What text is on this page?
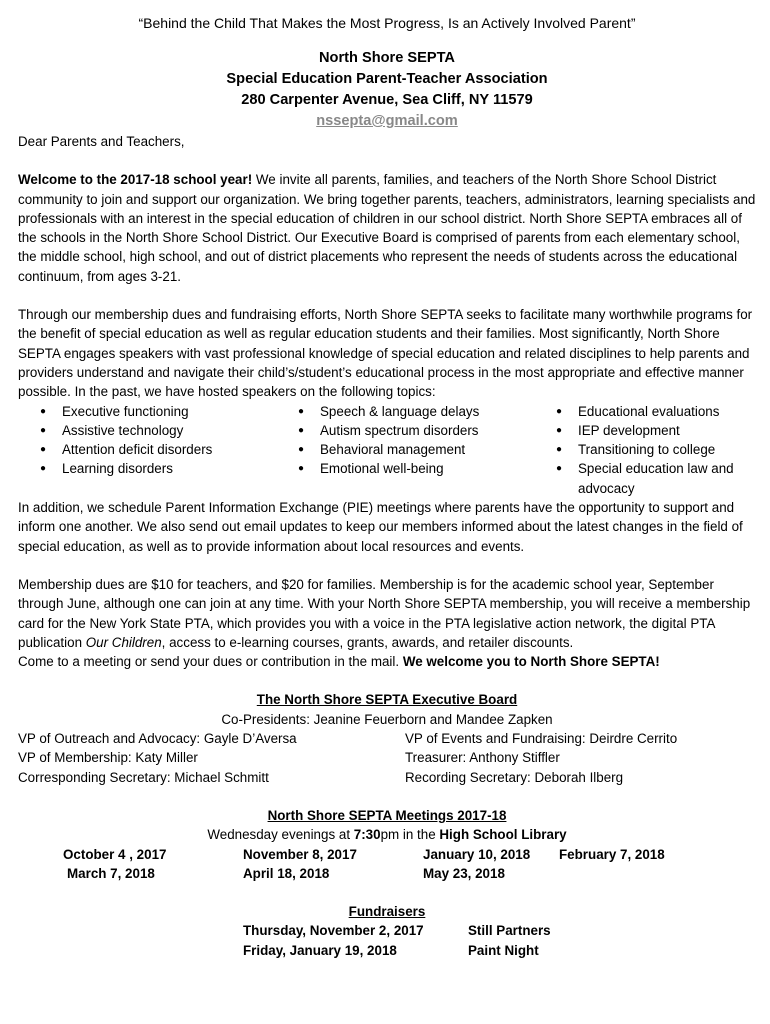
“Behind the Child That Makes the Most Progress, Is an Actively Involved Parent”
North Shore SEPTA
Special Education Parent-Teacher Association
280 Carpenter Avenue, Sea Cliff, NY 11579
nssepta@gmail.com

Dear Parents and Teachers,

Welcome to the 2017-18 school year! We invite all parents, families, and teachers of the North Shore School District community to join and support our organization. We bring together parents, teachers, administrators, learning specialists and professionals with an interest in the special education of children in our school district. North Shore SEPTA embraces all of the schools in the North Shore School District. Our Executive Board is comprised of parents from each elementary school, the middle school, high school, and out of district placements who represent the needs of students across the educational continuum, from ages 3-21.

Through our membership dues and fundraising efforts, North Shore SEPTA seeks to facilitate many worthwhile programs for the benefit of special education as well as regular education students and their families. Most significantly, North Shore SEPTA engages speakers with vast professional knowledge of special education and related disciplines to help parents and providers understand and navigate their child’s/student’s educational process in the most appropriate and effective manner possible. In the past, we have hosted speakers on the following topics:

● Executive functioning
● Assistive technology
● Attention deficit disorders
● Learning disorders
● Speech & language delays
● Autism spectrum disorders
● Behavioral management
● Emotional well-being
● Educational evaluations
● IEP development
● Transitioning to college
● Special education law and advocacy

In addition, we schedule Parent Information Exchange (PIE) meetings where parents have the opportunity to support and inform one another. We also send out email updates to keep our members informed about the latest changes in the field of special education, as well as to provide information about local resources and events.

Membership dues are $10 for teachers, and $20 for families. Membership is for the academic school year, September through June, although one can join at any time. With your North Shore SEPTA membership, you will receive a membership card for the New York State PTA, which provides you with a voice in the PTA legislative action network, the digital PTA publication Our Children, access to e-learning courses, grants, awards, and retailer discounts.
Come to a meeting or send your dues or contribution in the mail. We welcome you to North Shore SEPTA!

The North Shore SEPTA Executive Board
Co-Presidents: Jeanine Feuerborn and Mandee Zapken
VP of Outreach and Advocacy: Gayle D’Aversa	VP of Events and Fundraising: Deirdre Cerrito
VP of Membership: Katy Miller	Treasurer: Anthony Stiffler
Corresponding Secretary: Michael Schmitt	Recording Secretary: Deborah Ilberg
North Shore SEPTA Meetings 2017-18
Wednesday evenings at 7:30pm in the High School Library
October 4 , 2017	November 8, 2017	January 10, 2018	February 7, 2018
March 7, 2018	April 18, 2018	May 23, 2018
Fundraisers
Thursday, November 2, 2017	Still Partners
Friday, January 19, 2018	Paint Night
